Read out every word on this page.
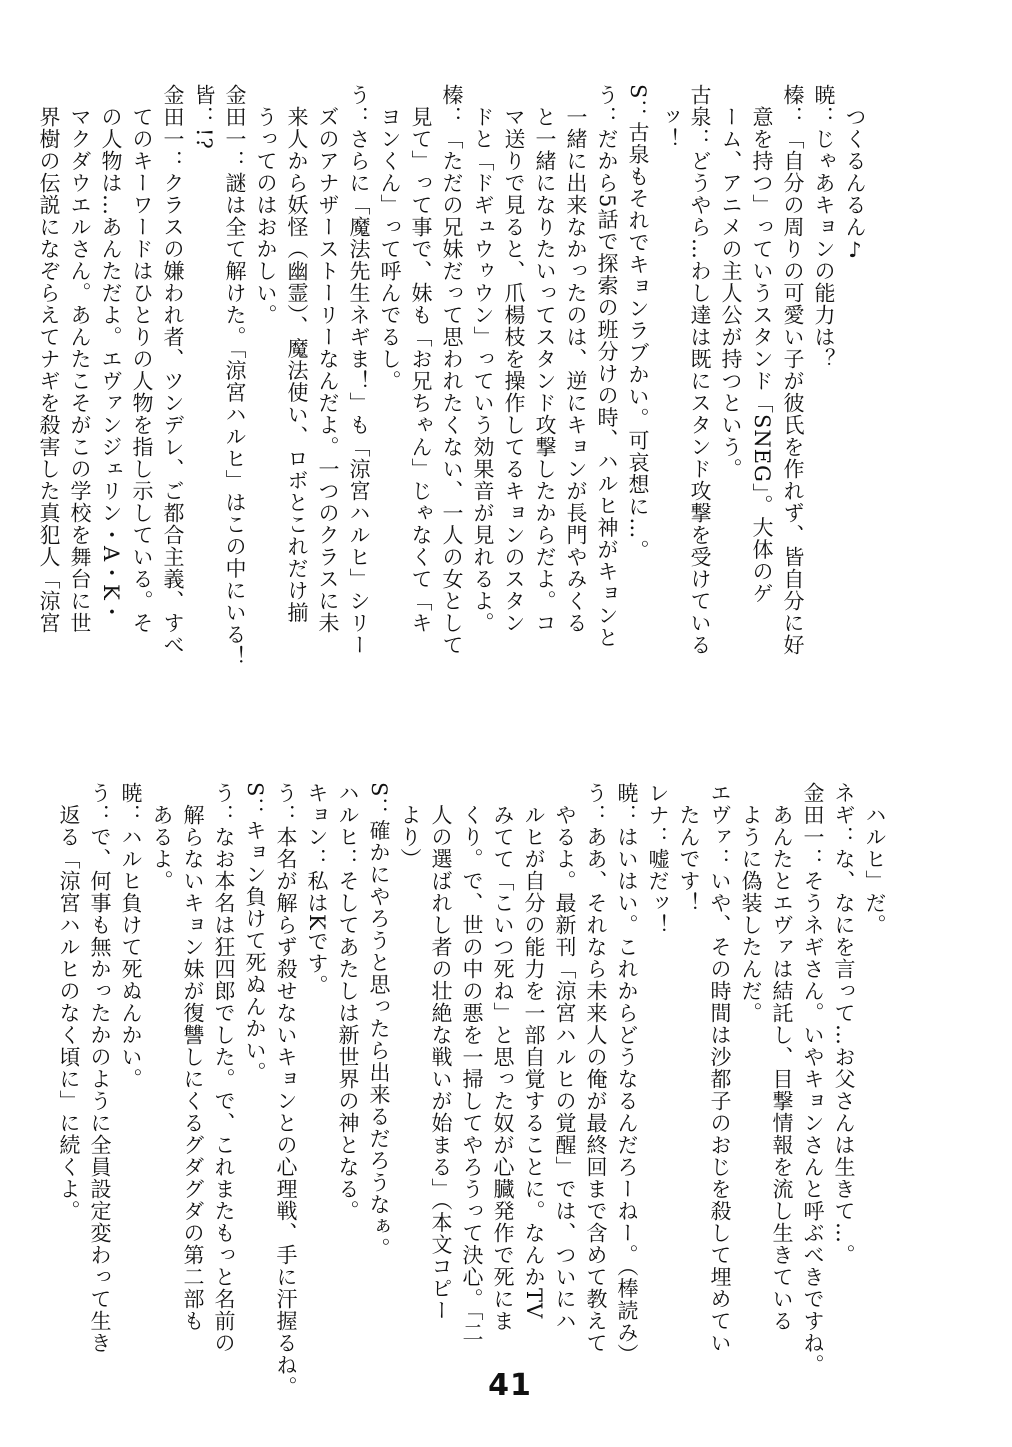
　つくるんるん♪
暁：じゃあキョンの能力は？
榛：「自分の周りの可愛い子が彼氏を作れず、皆自分に好
　意を持つ」っていうスタンド「SNEG」。大体のゲ
　ーム、アニメの主人公が持つという。
古泉：どうやら…わし達は既にスタンド攻撃を受けている
　ッ！
S：古泉もそれでキョンラブかい。可哀想に…。
う：だから5話で探索の班分けの時、ハルヒ神がキョンと
　一緒に出来なかったのは、逆にキョンが長門やみくる
　と一緒になりたいってスタンド攻撃したからだよ。コ
　マ送りで見ると、爪楊枝を操作してるキョンのスタン
　ドと「ドギュウゥウン」っていう効果音が見れるよ。
榛：「ただの兄妹だって思われたくない、一人の女として
　見て」って事で、妹も「お兄ちゃん」じゃなくて「キ
　ヨンくん」って呼んでるし。
う：さらに「魔法先生ネギま！」も「涼宮ハルヒ」シリー
　ズのアナザーストーリーなんだよ。一つのクラスに未
　来人から妖怪（幽霊）、魔法使い、ロボとこれだけ揃
　うってのはおかしい。
金田一：謎は全て解けた。「涼宮ハルヒ」はこの中にいる！
皆：!?
金田一：クラスの嫌われ者、ツンデレ、ご都合主義、すべ
　てのキーワードはひとりの人物を指し示している。そ
　の人物は…あんただよ。エヴァンジェリン・A・K・
　マクダウエルさん。あんたこそがこの学校を舞台に世
　界樹の伝説になぞらえてナギを殺害した真犯人「涼宮
　ハルヒ」だ。
ネギ：な、なにを言って…お父さんは生きて…。
金田一：そうネギさん。いやキョンさんと呼ぶべきですね。
　あんたとエヴァは結託し、目撃情報を流し生きている
　ように偽装したんだ。
エヴァ：いや、その時間は沙都子のおじを殺して埋めてい
　たんです！
レナ：嘘だッ！
暁：はいはい。これからどうなるんだろーねー。（棒読み）
う：ああ、それなら未来人の俺が最終回まで含めて教えて
　やるよ。最新刊「涼宮ハルヒの覚醒」では、ついにハ
　ルヒが自分の能力を一部自覚することに。なんかTV
　みてて「こいつ死ね」と思った奴が心臓発作で死にま
　くり。で、世の中の悪を一掃してやろうって決心。「二
　人の選ばれし者の壮絶な戦いが始まる」（本文コピー
　より）
S：確かにやろうと思ったら出来るだろうなぁ。
ハルヒ：そしてあたしは新世界の神となる。
キョン：私はKです。
う：本名が解らず殺せないキョンとの心理戦、手に汗握るね。
S：キョン負けて死ぬんかい。
う：なお本名は狂四郎でした。で、これまたもっと名前の
　解らないキョン妹が復讐しにくるグダグダの第二部も
　あるよ。
暁：ハルヒ負けて死ぬんかい。
う：で、何事も無かったかのように全員設定変わって生き
　返る「涼宮ハルヒのなく頃に」に続くよ。
41
